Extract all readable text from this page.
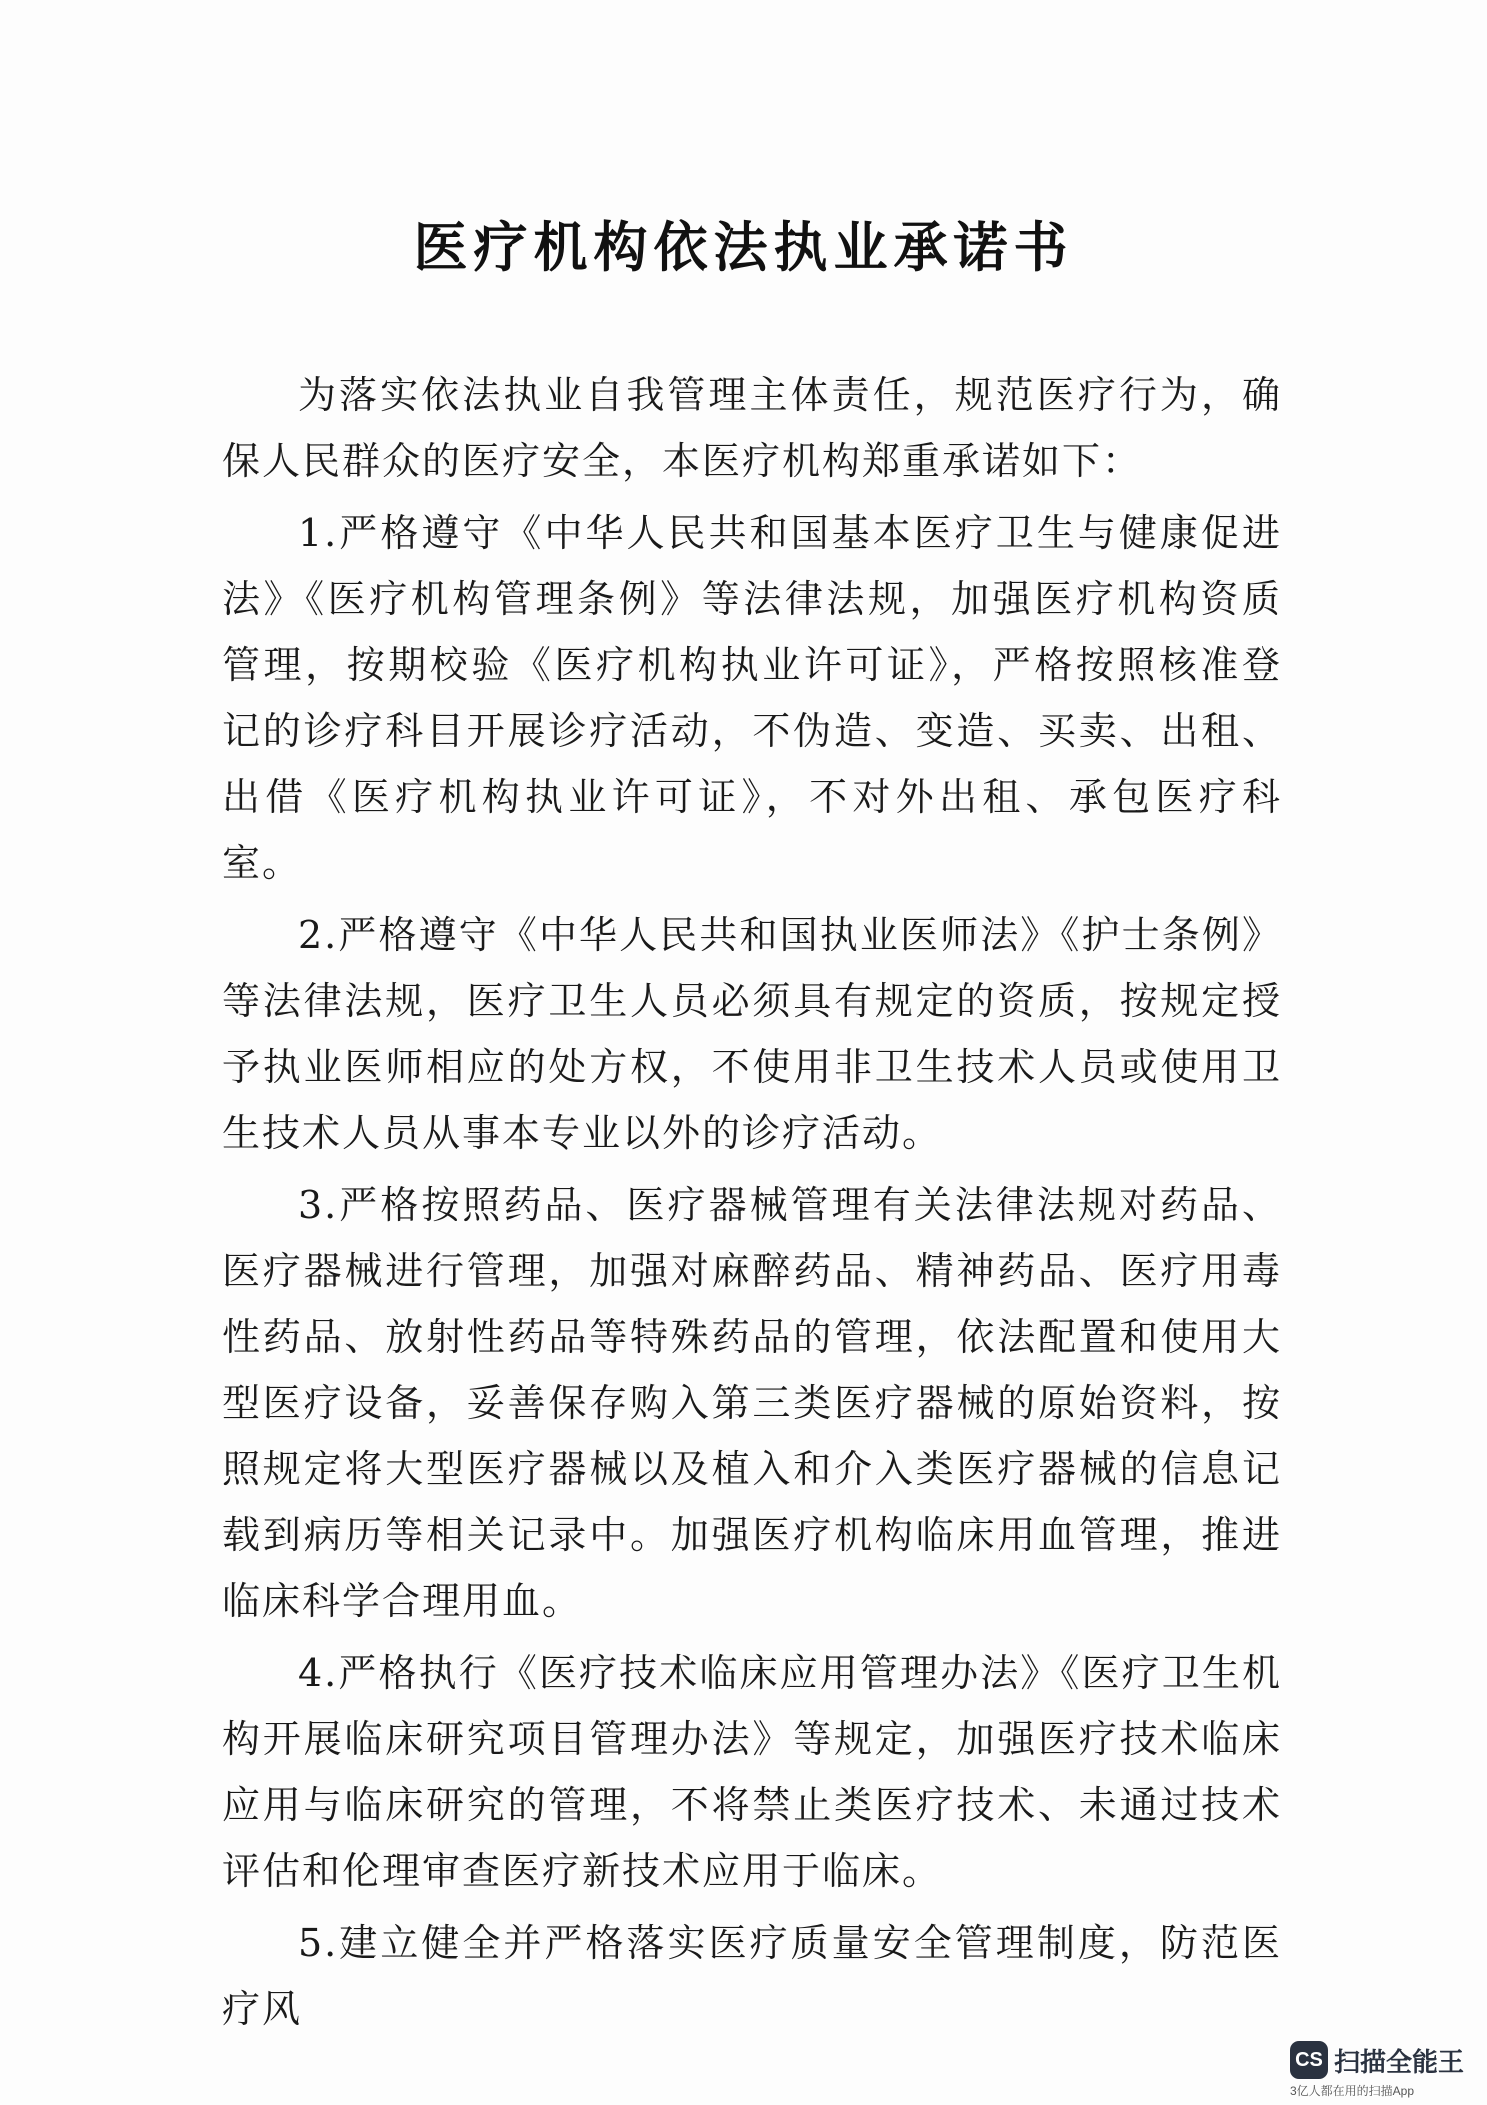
医疗机构依法执业承诺书

为落实依法执业自我管理主体责任，规范医疗行为，确保人民群众的医疗安全，本医疗机构郑重承诺如下：

1.严格遵守《中华人民共和国基本医疗卫生与健康促进法》《医疗机构管理条例》等法律法规，加强医疗机构资质管理，按期校验《医疗机构执业许可证》，严格按照核准登记的诊疗科目开展诊疗活动，不伪造、变造、买卖、出租、出借《医疗机构执业许可证》，不对外出租、承包医疗科室。

2.严格遵守《中华人民共和国执业医师法》《护士条例》等法律法规，医疗卫生人员必须具有规定的资质，按规定授予执业医师相应的处方权，不使用非卫生技术人员或使用卫生技术人员从事本专业以外的诊疗活动。

3.严格按照药品、医疗器械管理有关法律法规对药品、医疗器械进行管理，加强对麻醉药品、精神药品、医疗用毒性药品、放射性药品等特殊药品的管理，依法配置和使用大型医疗设备，妥善保存购入第三类医疗器械的原始资料，按照规定将大型医疗器械以及植入和介入类医疗器械的信息记载到病历等相关记录中。加强医疗机构临床用血管理，推进临床科学合理用血。

4.严格执行《医疗技术临床应用管理办法》《医疗卫生机构开展临床研究项目管理办法》等规定，加强医疗技术临床应用与临床研究的管理，不将禁止类医疗技术、未通过技术评估和伦理审查医疗新技术应用于临床。

5.建立健全并严格落实医疗质量安全管理制度，防范医疗风

CS 扫描全能王
3亿人都在用的扫描App
